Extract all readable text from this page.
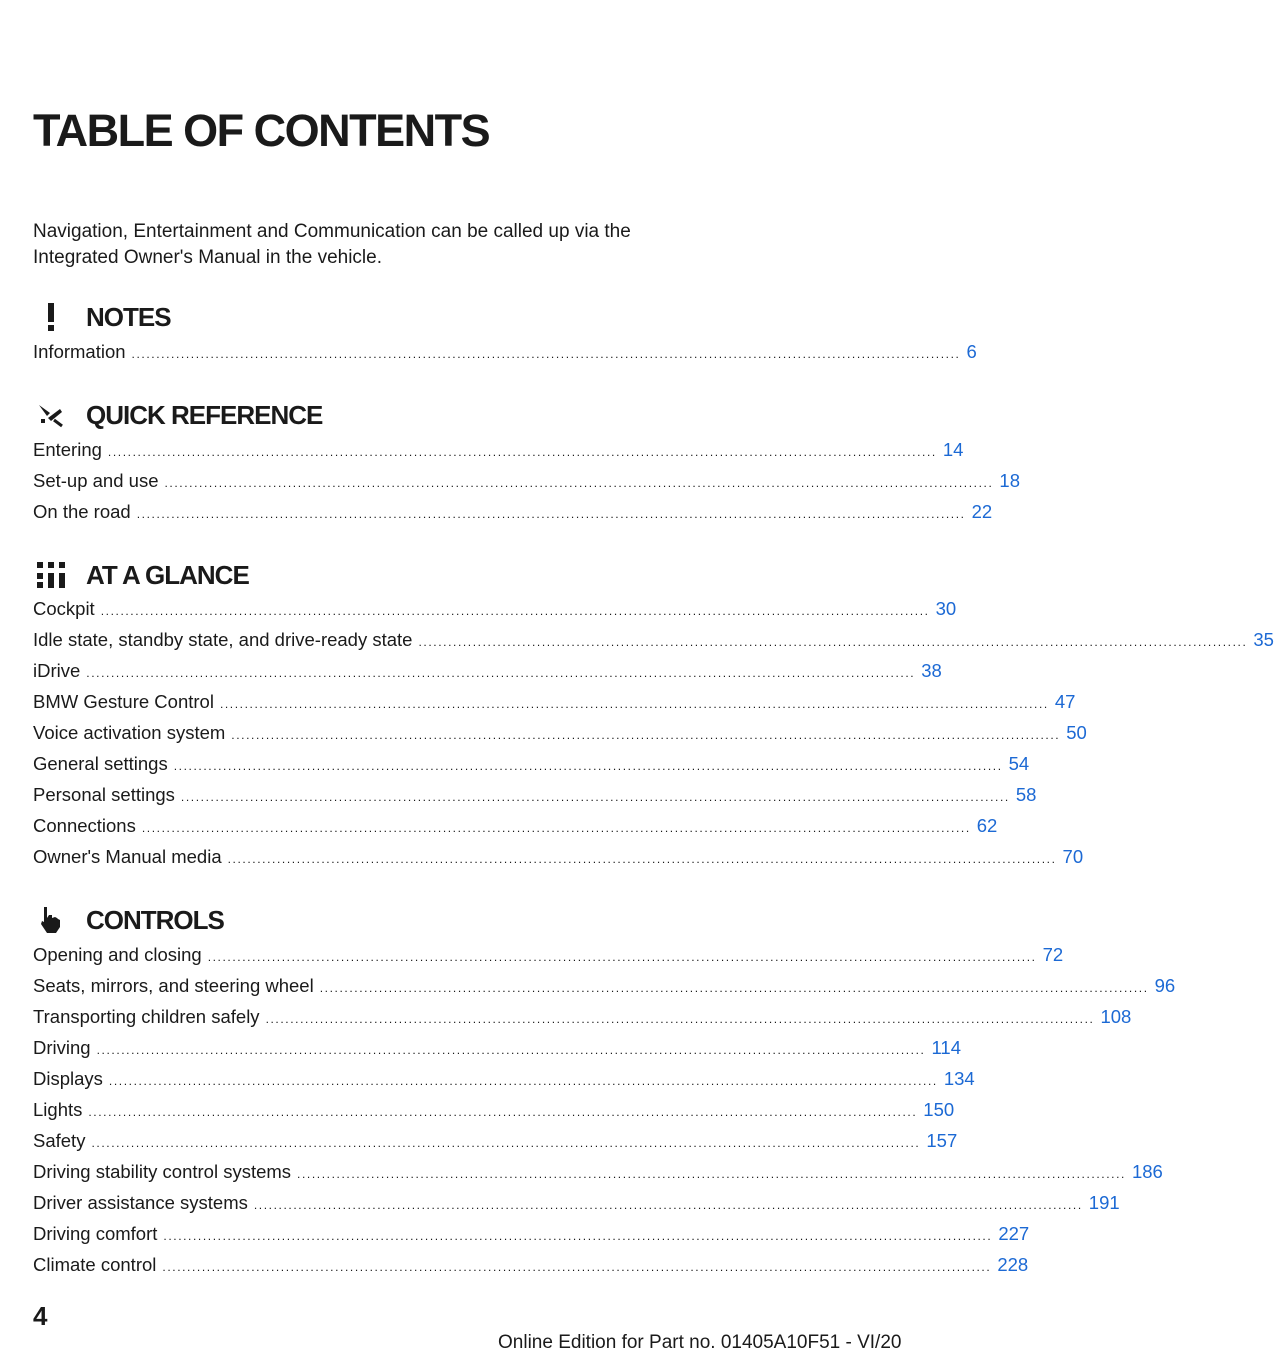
TABLE OF CONTENTS
Navigation, Entertainment and Communication can be called up via the Integrated Owner's Manual in the vehicle.
NOTES
Information ........................................................................................................................................................................ 6
QUICK REFERENCE
Entering ........................................................................................................................................................................ 14
Set-up and use ........................................................................................................................................................................ 18
On the road ........................................................................................................................................................................ 22
AT A GLANCE
Cockpit ........................................................................................................................................................................ 30
Idle state, standby state, and drive-ready state ........................................................................................................................................................................ 35
iDrive ........................................................................................................................................................................ 38
BMW Gesture Control ........................................................................................................................................................................ 47
Voice activation system ........................................................................................................................................................................ 50
General settings ........................................................................................................................................................................ 54
Personal settings ........................................................................................................................................................................ 58
Connections ........................................................................................................................................................................ 62
Owner's Manual media ........................................................................................................................................................................ 70
CONTROLS
Opening and closing ........................................................................................................................................................................ 72
Seats, mirrors, and steering wheel ........................................................................................................................................................................ 96
Transporting children safely ........................................................................................................................................................................ 108
Driving ........................................................................................................................................................................ 114
Displays ........................................................................................................................................................................ 134
Lights ........................................................................................................................................................................ 150
Safety ........................................................................................................................................................................ 157
Driving stability control systems ........................................................................................................................................................................ 186
Driver assistance systems ........................................................................................................................................................................ 191
Driving comfort ........................................................................................................................................................................ 227
Climate control ........................................................................................................................................................................ 228
4
Online Edition for Part no. 01405A10F51 - VI/20
